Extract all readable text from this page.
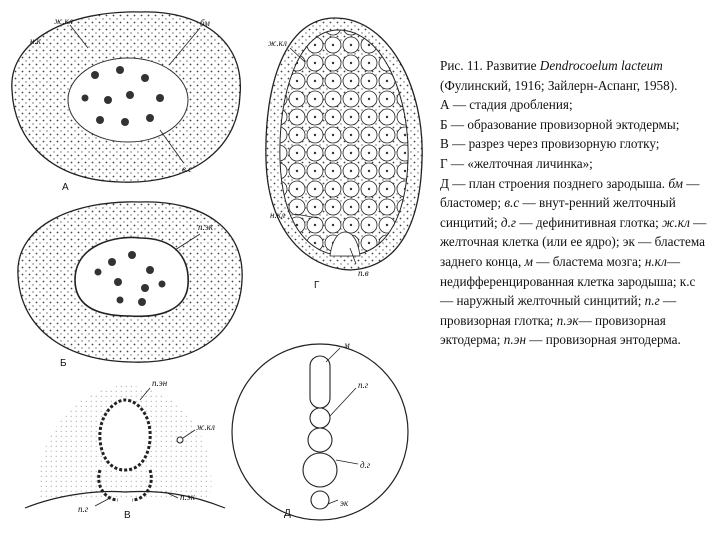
ж.кл
н.к
бм
в.с
А
п.эк
Б
ж.кл
н.кл
п.в
Г
п.эн
ж.кл
п.эк
п.г
В
м
п.г
д.г
эк
Д

Рис. 11. Развитие Dendrocoelum lacteum (Фулинский, 1916; Зайлерн-Аспанг, 1958).

А — стадия дробления;

Б — образование провизорной эктодермы;

В — разрез через провизорную глотку;

Г — «желточная личинка»;

Д — план строения позднего зародыша. бм — бластомер; в.с — внут-ренний желточный синцитий; д.г — дефинитивная глотка; ж.кл — желточная клетка (или ее ядро); эк — бластема заднего конца, м — бластема мозга; н.кл— недифференцированная клетка зародыша; к.с — наружный желточный синцитий; п.г — провизорная глотка; п.эк— провизорная эктодерма; п.эн — провизорная энтодерма.
